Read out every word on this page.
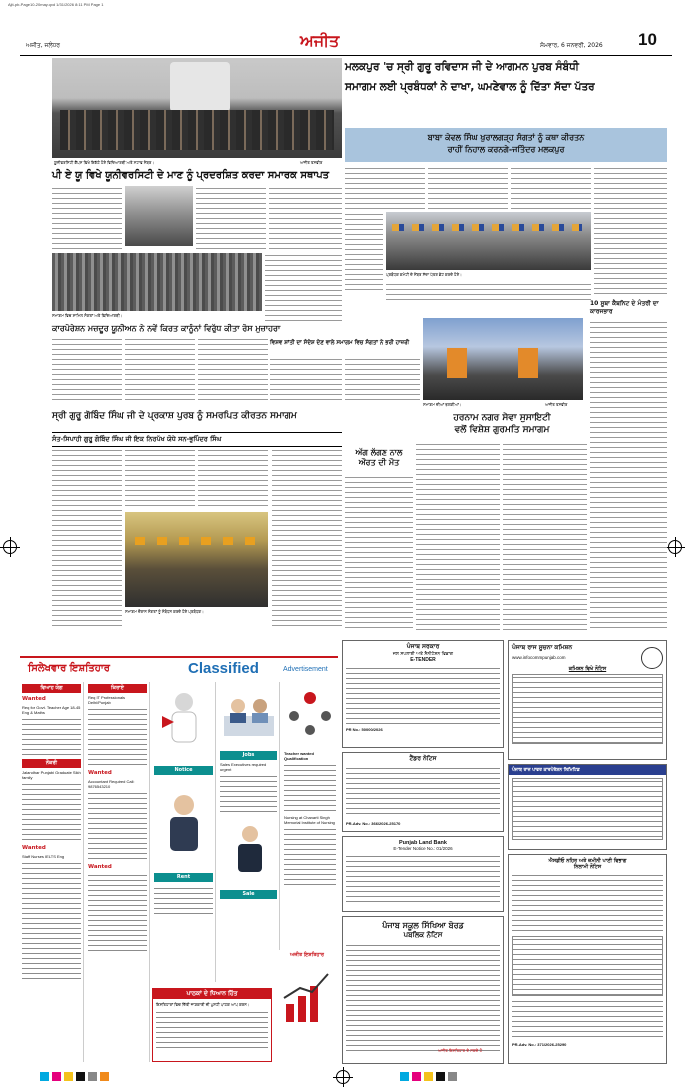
Ajit-pb-Page10-20may.qxd 1/31/2026 8:11 PM Page 1
ਅਜੀਤ, ਜਲੰਧਰ	ਅਜੀਤ	ਸੋਮਵਾਰ, 6 ਜਨਵਰੀ, 2026 10
ਯੂਨੀਵਰਸਿਟੀ ਕੈਂਪਸ ਵਿਖੇ ਇਕੱਠੇ ਹੋਏ ਵਿਦਿਆਰਥੀ ਅਤੇ ਸਟਾਫ ਮੈਂਬਰ।	ਅਜੀਤ ਤਸਵੀਰ
ਪੀ ਏ ਯੂ ਵਿਖੇ ਯੂਨੀਵਰਸਿਟੀ ਦੇ ਮਾਣ ਨੂੰ ਪ੍ਰਦਰਸ਼ਿਤ ਕਰਦਾ ਸਮਾਰਕ ਸਥਾਪਤ
ਸਮਾਗਮ ਵਿਚ ਸ਼ਾਮਿਲ ਸੰਗਤਾਂ ਅਤੇ ਵਿਦਿਆਰਥੀ।
ਕਾਰਪੋਰੇਸ਼ਨ ਮਜ਼ਦੂਰ ਯੂਨੀਅਨ ਨੇ ਨਵੇਂ ਕਿਰਤ ਕਾਨੂੰਨਾਂ ਵਿਰੁੱਧ ਕੀਤਾ ਰੋਸ ਮੁਜ਼ਾਹਰਾ
ਵਿਸ਼ਵ ਸ਼ਾਂਤੀ ਦਾ ਸੰਦੇਸ਼ ਦੇਣ ਵਾਲੇ ਸਮਾਗਮ ਵਿਚ ਸੰਗਤਾਂ ਨੇ ਭਰੀ ਹਾਜ਼ਰੀ
ਸ੍ਰੀ ਗੁਰੂ ਗੋਬਿੰਦ ਸਿੰਘ ਜੀ ਦੇ ਪ੍ਰਕਾਸ਼ ਪੁਰਬ ਨੂੰ ਸਮਰਪਿਤ ਕੀਰਤਨ ਸਮਾਗਮ
ਸੰਤ-ਸਿਪਾਹੀ ਗੁਰੂ ਗੋਬਿੰਦ ਸਿੰਘ ਜੀ ਇਕ ਨਿਰਪੱਖ ਯੋਧੇ ਸਨ-ਭੁਪਿੰਦਰ ਸਿੰਘ
ਸਮਾਗਮ ਦੌਰਾਨ ਸੰਗਤਾਂ ਨੂੰ ਸੰਬੋਧਨ ਕਰਦੇ ਹੋਏ ਪ੍ਰਬੰਧਕ।
ਅੱਗ ਲੱਗਣ ਨਾਲ
ਔਰਤ ਦੀ ਮੌਤ
ਮਲਕਪੁਰ 'ਚ ਸ੍ਰੀ ਗੁਰੂ ਰਵਿਦਾਸ ਜੀ ਦੇ ਆਗਮਨ ਪੁਰਬ ਸੰਬੰਧੀ
ਸਮਾਗਮ ਲਈ ਪ੍ਰਬੰਧਕਾਂ ਨੇ ਦਾਖਾ, ਘਮਣੇਵਾਲ ਨੂੰ ਦਿੱਤਾ ਸੱਦਾ ਪੱਤਰ
ਬਾਬਾ ਕੇਵਲ ਸਿੰਘ ਖੁਰਾਲਗੜ੍ਹ ਸੰਗਤਾਂ ਨੂੰ ਕਥਾ ਕੀਰਤਨ
ਰਾਹੀਂ ਨਿਹਾਲ ਕਰਨਗੇ-ਜਤਿੰਦਰ ਮਲਕਪੁਰ
ਪ੍ਰਬੰਧਕ ਕਮੇਟੀ ਦੇ ਮੈਂਬਰ ਸੱਦਾ ਪੱਤਰ ਭੇਟ ਕਰਦੇ ਹੋਏ।
ਸਮਾਗਮ ਦੀਆਂ ਝਲਕੀਆਂ।	ਅਜੀਤ ਤਸਵੀਰ
10 ਸੂਬਾ ਕੈਬਨਿਟ ਦੇ ਮੰਤਰੀ ਦਾ ਕਾਰਜਭਾਰ
ਹਰਨਾਮ ਨਗਰ ਸੇਵਾ ਸੁਸਾਇਟੀ
ਵਲੋਂ ਵਿਸ਼ੇਸ਼ ਗੁਰਮਤਿ ਸਮਾਗਮ
ਸਿਲੇਖਵਾਰ ਇਸ਼ਤਿਹਾਰ	Classified	Advertisement
ਵਿਆਹ ਯੋਗ
Wanted
Req for Govt. Teacher Age 18-45 Eng & Maths
ਨੌਕਰੀ
Jalandhar Punjabi Graduate Sikh family
Wanted
Staff Nurses IELTS Eng
ਕਿਰਾਏ
Req IT Professionals Delhi/Punjab
Wanted
Accountant Required Call: 9876543210
Wanted
Notice
Rent
Jobs
Sales Executives required urgent
Sale
Teacher wanted Qualification
Nursing at Chanarti Singh Memorial Institute of Nursing
ਪਾਠਕਾਂ ਦੇ ਧਿਆਨ ਹਿੱਤ
ਇਸ਼ਤਿਹਾਰਾਂ ਵਿਚ ਦਿੱਤੀ ਜਾਣਕਾਰੀ ਦੀ ਪੁਸ਼ਟੀ ਪਾਠਕ ਆਪ ਕਰਨ।
ਅਜੀਤ ਇਸ਼ਤਿਹਾਰ
ਪੰਜਾਬ ਸਰਕਾਰ
ਜਲ ਸਪਲਾਈ ਅਤੇ ਸੈਨੀਟੇਸ਼ਨ ਵਿਭਾਗ
E-TENDER
PR No.: 50000/2026
ਟੈਂਡਰ ਨੋਟਿਸ
PR-Adv. No.: 366/2026-25170
Punjab Land Bank
E-Tender Notice No.: 01/2026
ਪੰਜਾਬ ਸਕੂਲ ਸਿੱਖਿਆ ਬੋਰਡ
ਪਬਲਿਕ ਨੋਟਿਸ
ਪੰਜਾਬ ਰਾਜ ਸੂਚਨਾ ਕਮਿਸ਼ਨ
www.infocommpunjab.com
ਕਮਿਸ਼ਨ ਵਿਖੇ ਨੋਟਿਸ
ਪੰਜਾਬ ਰਾਜ ਪਾਵਰ ਕਾਰਪੋਰੇਸ਼ਨ ਲਿਮਿਟਿਡ
ਐਸਡੀਓ ਨਹਿਰ ਅਤੇ ਜ਼ਮੀਨੀ ਪਾਣੀ ਵਿਭਾਗ
ਨਿਲਾਮੀ ਨੋਟਿਸ
PR-Adv. No.: 371/2026-25290
ਅਜੀਤ ਇਸ਼ਤਿਹਾਰ ਦੇ ਸਕਦੇ ਹੋ
